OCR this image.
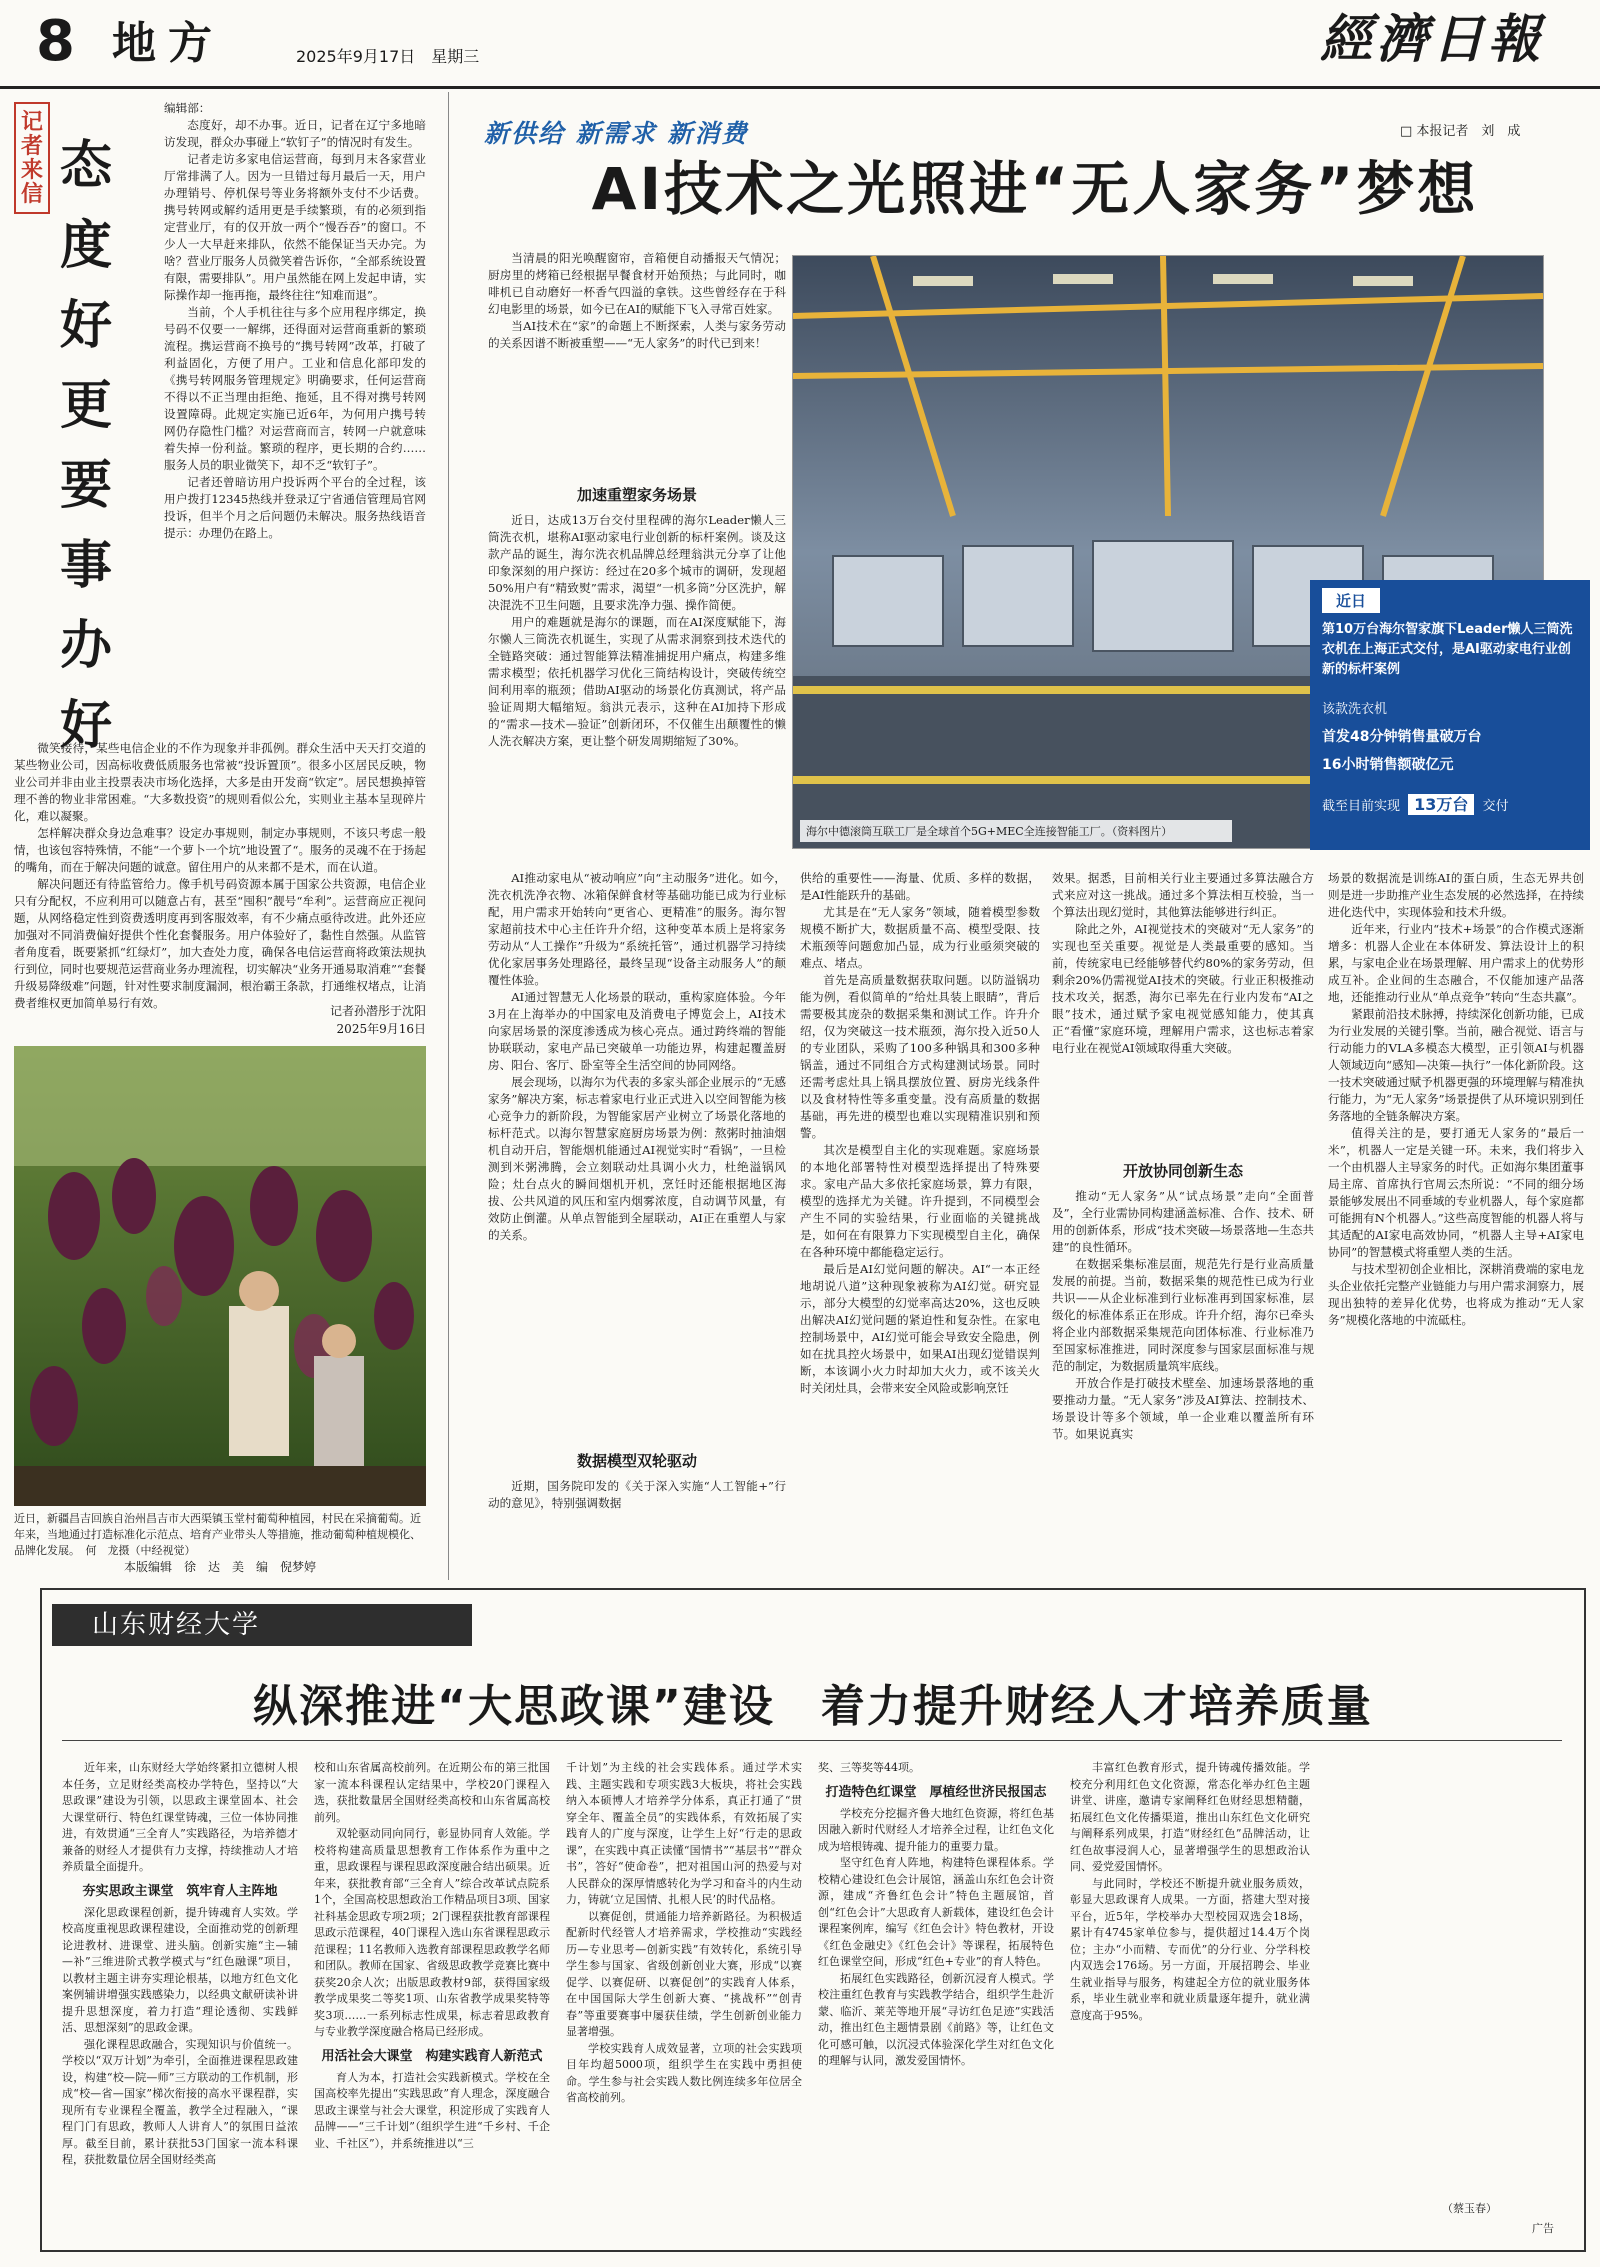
8 地方	2025年9月17日　星期三	經濟日報
记者来信 态度好更要事办好

编辑部：

态度好，却不办事。近日，记者在辽宁多地暗访发现，群众办事碰上“软钉子”的情况时有发生。

记者走访多家电信运营商，每到月末各家营业厅常排满了人。因为一旦错过每月最后一天，用户办理销号、停机保号等业务将额外支付不少话费。携号转网或解约适用更是手续繁琐，有的必须到指定营业厅，有的仅开放一两个“慢吞吞”的窗口。不少人一大早赶来排队，依然不能保证当天办完。为啥？营业厅服务人员微笑着告诉你，“全部系统设置有限，需要排队”。用户虽然能在网上发起申请，实际操作却一拖再拖，最终往往“知难而退”。

当前，个人手机往往与多个应用程序绑定，换号码不仅要一一解绑，还得面对运营商重新的繁琐流程。携运营商不换号的“携号转网”改革，打破了利益固化，方便了用户。工业和信息化部印发的《携号转网服务管理规定》明确要求，任何运营商不得以不正当理由拒绝、拖延，且不得对携号转网设置障碍。此规定实施已近6年，为何用户携号转网仍存隐性门槛？对运营商而言，转网一户就意味着失掉一份利益。繁琐的程序，更长期的合约……服务人员的职业微笑下，却不乏“软钉子”。

记者还曾暗访用户投诉两个平台的全过程，该用户拨打12345热线并登录辽宁省通信管理局官网投诉，但半个月之后问题仍未解决。服务热线语音提示：办理仍在路上。

微笑接待，某些电信企业的不作为现象并非孤例。群众生活中天天打交道的某些物业公司，因高标收费低质服务也常被“投诉置顶”。很多小区居民反映，物业公司并非由业主投票表决市场化选择，大多是由开发商“钦定”。居民想换掉管理不善的物业非常困难。“大多数投资”的规则看似公允，实则业主基本呈现碎片化，难以凝聚。

怎样解决群众身边急难事？设定办事规则，制定办事规则，不该只考虑一般情，也该包容特殊情，不能“一个萝卜一个坑”地设置了“。服务的灵魂不在于扬起的嘴角，而在于解决问题的诚意。留住用户的从来都不是术，而在认道。

解决问题还有待监管给力。像手机号码资源本属于国家公共资源，电信企业只有分配权，不应利用可以随意占有，甚至“囤积”靓号“牟利”。运营商应正视问题，从网络稳定性到资费透明度再到客服效率，有不少痛点亟待改进。此外还应加强对不同消费偏好提供个性化套餐服务。用户体验好了，黏性自然强。从监管者角度看，既要紧抓“红绿灯”，加大查处力度，确保各电信运营商将政策法规执行到位，同时也要规范运营商业务办理流程，切实解决“业务开通易取消难”“套餐升级易降级难”问题，针对性要求制度漏洞，根治霸王条款，打通维权堵点，让消费者维权更加简单易行有效。

记者孙潜彤于沈阳
2025年9月16日
近日，新疆昌吉回族自治州昌吉市大西渠镇玉堂村葡萄种植园，村民在采摘葡萄。近年来，当地通过打造标准化示范点、培育产业带头人等措施，推动葡萄种植规模化、品牌化发展。　何　龙摄（中经视觉）
本版编辑　徐　达　美　编　倪梦婷
新供给 新需求 新消费	□ 本报记者　刘　成
AI技术之光照进“无人家务”梦想

当清晨的阳光唤醒窗帘，音箱便自动播报天气情况；厨房里的烤箱已经根据早餐食材开始预热；与此同时，咖啡机已自动磨好一杯香气四溢的拿铁。这些曾经存在于科幻电影里的场景，如今已在AI的赋能下飞入寻常百姓家。

当AI技术在“家”的命题上不断探索，人类与家务劳动的关系因谱不断被重塑——“无人家务”的时代已到来！

加速重塑家务场景

近日，达成13万台交付里程碑的海尔Leader懒人三筒洗衣机，堪称AI驱动家电行业创新的标杆案例。谈及这款产品的诞生，海尔洗衣机品牌总经理翁洪元分享了让他印象深刻的用户探访：经过在20多个城市的调研，发现超50%用户有“精致熨”需求，渴望“一机多筒”分区洗护，解决混洗不卫生问题，且要求洗净力强、操作简便。

用户的难题就是海尔的课题，而在AI深度赋能下，海尔懒人三筒洗衣机诞生，实现了从需求洞察到技术迭代的全链路突破：通过智能算法精准捕捉用户痛点，构建多维需求模型；依托机器学习优化三筒结构设计，突破传统空间利用率的瓶颈；借助AI驱动的场景化仿真测试，将产品验证周期大幅缩短。翁洪元表示，这种在AI加持下形成的“需求—技术—验证”创新闭环，不仅催生出颠覆性的懒人洗衣解决方案，更让整个研发周期缩短了30%。

海尔中德滚筒互联工厂是全球首个5G+MEC全连接智能工厂。（资料图片）
近日
第10万台海尔智家旗下Leader懒人三筒洗衣机在上海正式交付，是AI驱动家电行业创新的标杆案例
该款洗衣机
首发48分钟销售量破万台
16小时销售额破亿元
截至目前实现 13万台 交付

AI推动家电从“被动响应”向“主动服务”进化。如今，洗衣机洗净衣物、冰箱保鲜食材等基础功能已成为行业标配，用户需求开始转向“更省心、更精准”的服务。海尔智家超前技术中心主任许升介绍，这种变革本质上是将家务劳动从“人工操作”升级为“系统托管”，通过机器学习持续优化家居事务处理路径，最终呈现“设备主动服务人”的颠覆性体验。

AI通过智慧无人化场景的联动，重构家庭体验。今年3月在上海举办的中国家电及消费电子博览会上，AI技术向家居场景的深度渗透成为核心亮点。通过跨终端的智能协联联动，家电产品已突破单一功能边界，构建起覆盖厨房、阳台、客厅、卧室等全生活空间的协同网络。

展会现场，以海尔为代表的多家头部企业展示的“无感家务”解决方案，标志着家电行业正式进入以空间智能为核心竞争力的新阶段，为智能家居产业树立了场景化落地的标杆范式。以海尔智慧家庭厨房场景为例：熬粥时抽油烟机自动开启，智能烟机能通过AI视觉实时“看锅”，一旦检测到米粥沸腾，会立刻联动灶具调小火力，杜绝溢锅风险；灶台点火的瞬间烟机开机，烹饪时还能根据地区海拔、公共风道的风压和室内烟雾浓度，自动调节风量，有效防止倒灌。从单点智能到全屋联动，AI正在重塑人与家的关系。

数据模型双轮驱动

近期，国务院印发的《关于深入实施“人工智能+”行动的意见》，特别强调数据

供给的重要性——海量、优质、多样的数据，是AI性能跃升的基础。

尤其是在“无人家务”领域，随着模型参数规模不断扩大，数据质量不高、模型受限、技术瓶颈等问题愈加凸显，成为行业亟须突破的难点、堵点。

首先是高质量数据获取问题。以防溢锅功能为例，看似简单的“给灶具装上眼睛”，背后需要极其庞杂的数据采集和测试工作。许升介绍，仅为突破这一技术瓶颈，海尔投入近50人的专业团队，采购了100多种锅具和300多种锅盖，通过不同组合方式构建测试场景。同时还需考虑灶具上锅具摆放位置、厨房光线条件以及食材特性等多重变量。没有高质量的数据基础，再先进的模型也难以实现精准识别和预警。

其次是模型自主化的实现难题。家庭场景的本地化部署特性对模型选择提出了特殊要求。家电产品大多依托家庭场景，算力有限，模型的选择尤为关键。许升提到，不同模型会产生不同的实验结果，行业面临的关键挑战是，如何在有限算力下实现模型自主化，确保在各种环境中都能稳定运行。

最后是AI幻觉问题的解决。AI“一本正经地胡说八道”这种现象被称为AI幻觉。研究显示，部分大模型的幻觉率高达20%，这也反映出解决AI幻觉问题的紧迫性和复杂性。在家电控制场景中，AI幻觉可能会导致安全隐患，例如在扰具控火场景中，如果AI出现幻觉错误判断，本该调小火力时却加大火力，或不该关火时关闭灶具，会带来安全风险或影响烹饪

效果。据悉，目前相关行业主要通过多算法融合方式来应对这一挑战。通过多个算法相互校验，当一个算法出现幻觉时，其他算法能够进行纠正。

除此之外，AI视觉技术的突破对“无人家务”的实现也至关重要。视觉是人类最重要的感知。当前，传统家电已经能够替代约80%的家务劳动，但剩余20%仍需视觉AI技术的突破。行业正积极推动技术攻关，据悉，海尔已率先在行业内发布“AI之眼”技术，通过赋予家电视觉感知能力，使其真正“看懂”家庭环境，理解用户需求，这也标志着家电行业在视觉AI领域取得重大突破。

开放协同创新生态

推动“无人家务”从“试点场景”走向“全面普及”，全行业需协同构建涵盖标准、合作、技术、研用的创新体系，形成“技术突破—场景落地—生态共建”的良性循环。

在数据采集标准层面，规范先行是行业高质量发展的前提。当前，数据采集的规范性已成为行业共识——从企业标准到行业标准再到国家标准，层级化的标准体系正在形成。许升介绍，海尔已牵头将企业内部数据采集规范向团体标准、行业标准乃至国家标准推进，同时深度参与国家层面标准与规范的制定，为数据质量筑牢底线。

开放合作是打破技术壁垒、加速场景落地的重要推动力量。“无人家务”涉及AI算法、控制技术、场景设计等多个领域，单一企业难以覆盖所有环节。如果说真实

场景的数据流是训练AI的蛋白质，生态无界共创则是进一步助推产业生态发展的必然选择，在持续进化迭代中，实现体验和技术升级。

近年来，行业内“技术+场景”的合作模式逐渐增多：机器人企业在本体研发、算法设计上的积累，与家电企业在场景理解、用户需求上的优势形成互补。企业间的生态融合，不仅能加速产品落地，还能推动行业从“单点竞争”转向“生态共赢”。

紧跟前沿技术脉搏，持续深化创新功能，已成为行业发展的关键引擎。当前，融合视觉、语言与行动能力的VLA多模态大模型，正引领AI与机器人领域迈向“感知—决策—执行”一体化新阶段。这一技术突破通过赋予机器更强的环境理解与精准执行能力，为“无人家务”场景提供了从环境识别到任务落地的全链条解决方案。

值得关注的是，要打通无人家务的“最后一米”，机器人一定是关键一环。未来，我们将步入一个由机器人主导家务的时代。正如海尔集团董事局主席、首席执行官周云杰所说：“不同的细分场景能够发展出不同垂域的专业机器人，每个家庭都可能拥有N个机器人。”这些高度智能的机器人将与其适配的AI家电高效协同，“机器人主导+AI家电协同”的智慧模式将重塑人类的生活。

与技术型初创企业相比，深耕消费端的家电龙头企业依托完整产业链能力与用户需求洞察力，展现出独特的差异化优势，也将成为推动“无人家务”规模化落地的中流砥柱。

山东财经大学
纵深推进“大思政课”建设　着力提升财经人才培养质量

近年来，山东财经大学始终紧扣立德树人根本任务，立足财经类高校办学特色，坚持以“大思政课”建设为引领，以思政主课堂固本、社会大课堂研行、特色红课堂铸魂，三位一体协同推进，有效贯通“三全育人”实践路径，为培养德才兼备的财经人才提供有力支撑，持续推动人才培养质量全面提升。

夯实思政主课堂　筑牢育人主阵地

深化思政课程创新，提升铸魂育人实效。学校高度重视思政课程建设，全面推动党的创新理论进教材、进课堂、进头脑。创新实施“主—辅—补”三维进阶式教学模式与“红色融课”项目，以教材主题主讲夯实理论根基，以地方红色文化案例辅讲增强实践感染力，以经典文献研读补讲提升思想深度，着力打造“理论透彻、实践鲜活、思想深刻”的思政金课。

强化课程思政融合，实现知识与价值统一。学校以“双万计划”为牵引，全面推进课程思政建设，构建“校—院—师”三方联动的工作机制，形成“校—省—国家”梯次衔接的高水平课程群，实现所有专业课程全覆盖，教学全过程融入，“课程门门有思政，教师人人讲育人”的氛围日益浓厚。截至目前，累计获批53门国家一流本科课程，获批数量位居全国财经类高

校和山东省属高校前列。在近期公布的第三批国家一流本科课程认定结果中，学校20门课程入选，获批数量居全国财经类高校和山东省属高校前列。

双轮驱动同向同行，彰显协同育人效能。学校将构建高质量思想教育工作体系作为重中之重，思政课程与课程思政深度融合结出硕果。近年来，获批教育部“三全育人”综合改革试点院系1个，全国高校思想政治工作精品项目3项、国家社科基金思政专项2项；2门课程获批教育部课程思政示范课程，40门课程入选山东省课程思政示范课程；11名教师入选教育部课程思政教学名师和团队。教师在国家、省级思政教学竞赛比赛中获奖20余人次；出版思政教材9部，获得国家级教学成果奖二等奖1项、山东省教学成果奖特等奖3项……一系列标志性成果，标志着思政教育与专业教学深度融合格局已经形成。

用活社会大课堂　构建实践育人新范式

育人为本，打造社会实践新模式。学校在全国高校率先提出“实践思政”育人理念，深度融合思政主课堂与社会大课堂，积淀形成了实践育人品牌——“三千计划”（组织学生进“千乡村、千企业、千社区”），并系统推进以“三

千计划”为主线的社会实践体系。通过学术实践、主题实践和专项实践3大板块，将社会实践纳入本硕博人才培养学分体系，真正打通了“贯穿全年、覆盖全员”的实践体系，有效拓展了实践育人的广度与深度，让学生上好“行走的思政课”，在实践中真正读懂“国情书”“基层书”“群众书”，答好“使命卷”，把对祖国山河的热爱与对人民群众的深厚情感转化为学习和奋斗的内生动力，铸就‘立足国情、扎根人民’的时代品格。

以赛促创，贯通能力培养新路径。为积极适配新时代经管人才培养需求，学校推动“实践经历—专业思考—创新实践”有效转化，系统引导学生参与国家、省级创新创业大赛，形成“以赛促学、以赛促研、以赛促创”的实践育人体系，在中国国际大学生创新大赛、“挑战杯”“创青春”等重要赛事中屡获佳绩，学生创新创业能力显著增强。

学校实践育人成效显著，立项的社会实践项目年均超5000项，组织学生在实践中勇担使命。学生参与社会实践人数比例连续多年位居全省高校前列。

奖、三等奖等44项。

打造特色红课堂　厚植经世济民报国志

学校充分挖掘齐鲁大地红色资源，将红色基因融入新时代财经人才培养全过程，让红色文化成为培根铸魂、提升能力的重要力量。

坚守红色育人阵地，构建特色课程体系。学校精心建设红色会计展馆，涵盖山东红色会计资源，建成“齐鲁红色会计”特色主题展馆，首创“红色会计”大思政育人新载体，建设红色会计课程案例库，编写《红色会计》特色教材，开设《红色金融史》《红色会计》等课程，拓展特色红色课堂空间，形成“红色+专业”的育人特色。

拓展红色实践路径，创新沉浸育人模式。学校注重红色教育与实践教学结合，组织学生赴沂蒙、临沂、莱芜等地开展“寻访红色足迹”实践活动，推出红色主题情景剧《前路》等，让红色文化可感可触，以沉浸式体验深化学生对红色文化的理解与认同，激发爱国情怀。

丰富红色教育形式，提升铸魂传播效能。学校充分利用红色文化资源，常态化举办红色主题讲堂、讲座，邀请专家阐释红色财经思想精髓，拓展红色文化传播渠道，推出山东红色文化研究与阐释系列成果，打造“财经红色”品牌活动，让红色故事浸润人心，显著增强学生的思想政治认同、爱党爱国情怀。

与此同时，学校还不断提升就业服务质效，彰显大思政课育人成果。一方面，搭建大型对接平台，近5年，学校举办大型校园双选会18场，累计有4745家单位参与，提供超过14.4万个岗位；主办“小而精、专而优”的分行业、分学科校内双选会176场。另一方面，开展招聘会、毕业生就业指导与服务，构建起全方位的就业服务体系，毕业生就业率和就业质量逐年提升，就业满意度高于95%。

（蔡玉春）
广告
